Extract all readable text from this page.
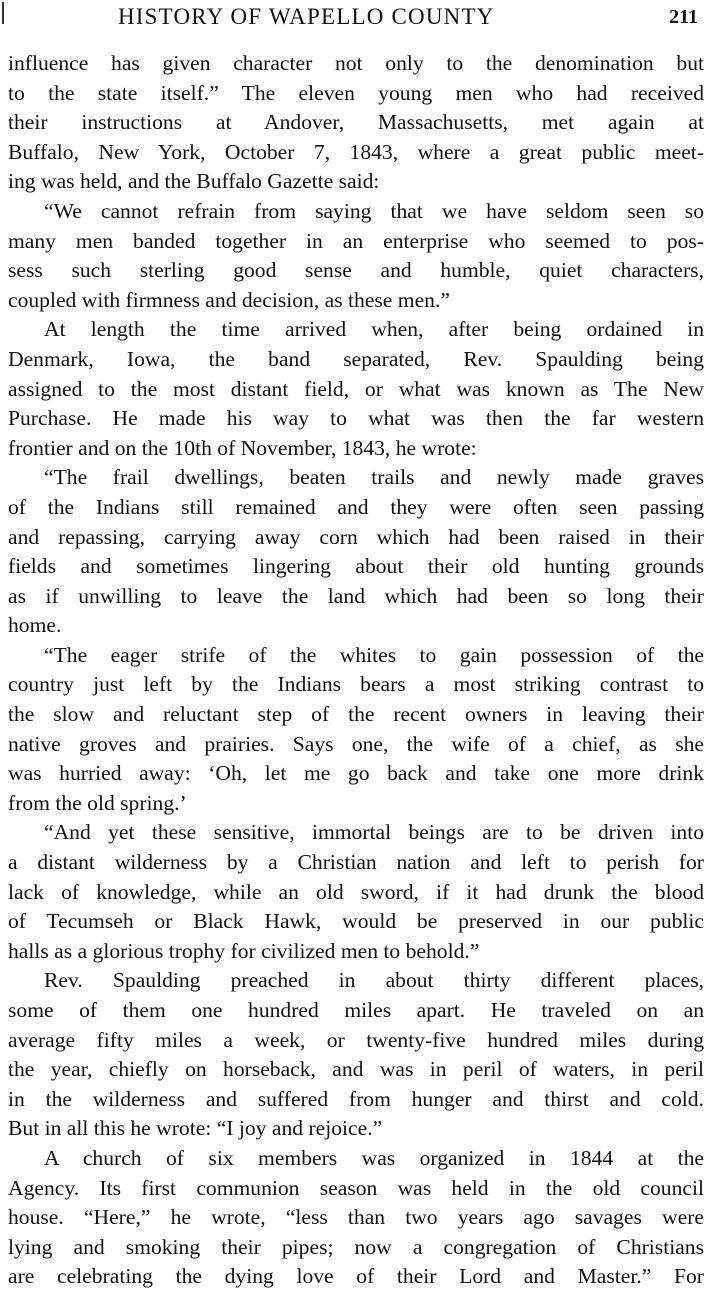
HISTORY OF WAPELLO COUNTY	211
influence has given character not only to the denomination but
to the state itself.” The eleven young men who had received
their instructions at Andover, Massachusetts, met again at
Buffalo, New York, October 7, 1843, where a great public meet-
ing was held, and the Buffalo Gazette said:
“We cannot refrain from saying that we have seldom seen so
many men banded together in an enterprise who seemed to pos-
sess such sterling good sense and humble, quiet characters,
coupled with firmness and decision, as these men.”
At length the time arrived when, after being ordained in
Denmark, Iowa, the band separated, Rev. Spaulding being
assigned to the most distant field, or what was known as The New
Purchase. He made his way to what was then the far western
frontier and on the 10th of November, 1843, he wrote:
“The frail dwellings, beaten trails and newly made graves
of the Indians still remained and they were often seen passing
and repassing, carrying away corn which had been raised in their
fields and sometimes lingering about their old hunting grounds
as if unwilling to leave the land which had been so long their
home.
“The eager strife of the whites to gain possession of the
country just left by the Indians bears a most striking contrast to
the slow and reluctant step of the recent owners in leaving their
native groves and prairies. Says one, the wife of a chief, as she
was hurried away: ‘Oh, let me go back and take one more drink
from the old spring.’
“And yet these sensitive, immortal beings are to be driven into
a distant wilderness by a Christian nation and left to perish for
lack of knowledge, while an old sword, if it had drunk the blood
of Tecumseh or Black Hawk, would be preserved in our public
halls as a glorious trophy for civilized men to behold.”
Rev. Spaulding preached in about thirty different places,
some of them one hundred miles apart. He traveled on an
average fifty miles a week, or twenty-five hundred miles during
the year, chiefly on horseback, and was in peril of waters, in peril
in the wilderness and suffered from hunger and thirst and cold.
But in all this he wrote: “I joy and rejoice.”
A church of six members was organized in 1844 at the
Agency. Its first communion season was held in the old council
house. “Here,” he wrote, “less than two years ago savages were
lying and smoking their pipes; now a congregation of Christians
are celebrating the dying love of their Lord and Master.” For
